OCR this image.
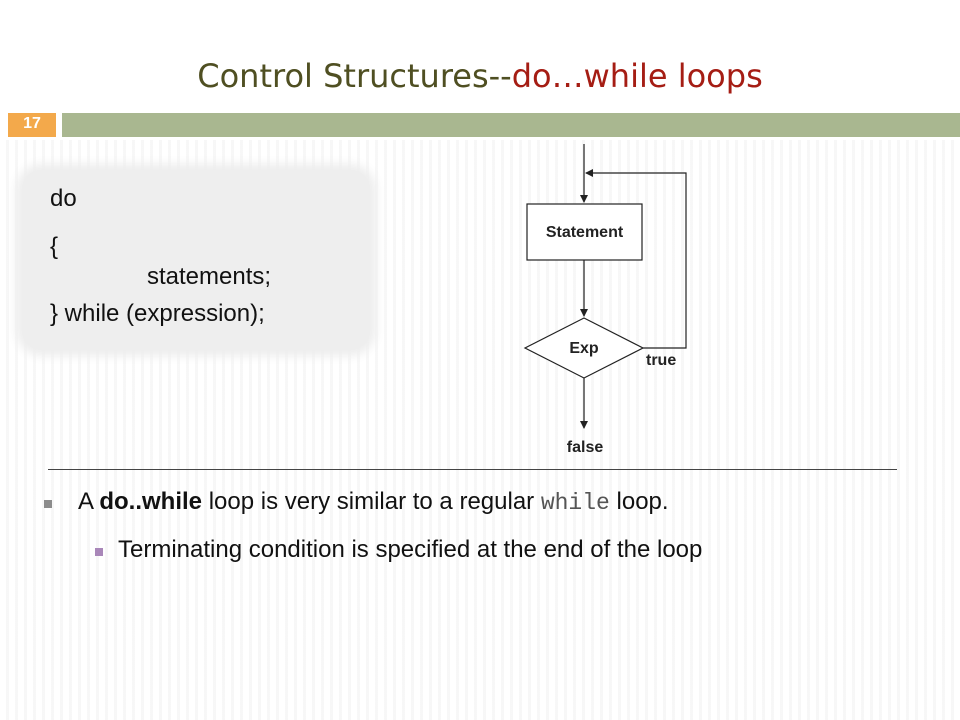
Control Structures--do…while loops
17
do
{
statements;
} while (expression);
Statement
Exp
true
false
A do..while loop is very similar to a regular while loop.
Terminating condition is specified at the end of the loop
